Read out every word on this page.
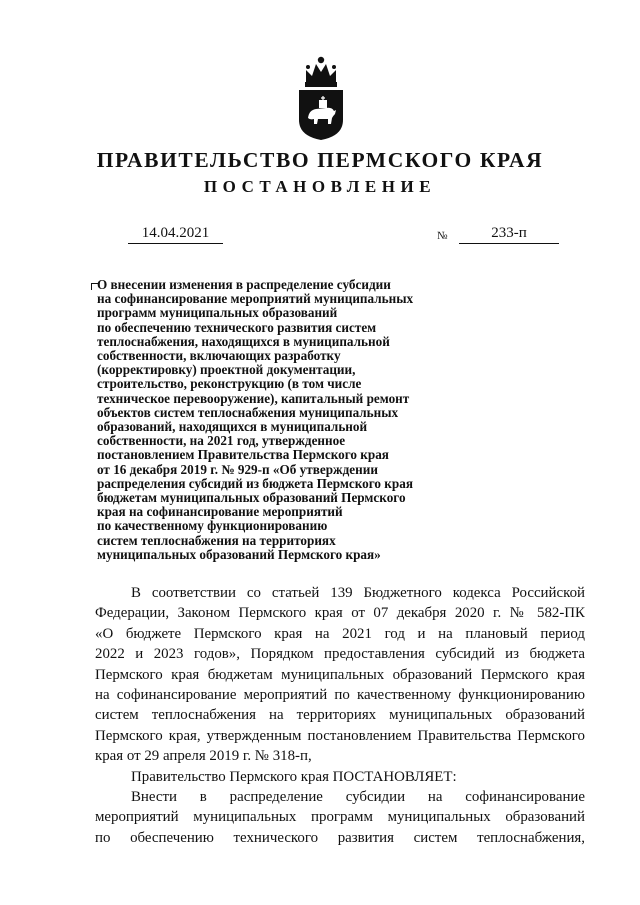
ПРАВИТЕЛЬСТВО ПЕРМСКОГО КРАЯ
ПОСТАНОВЛЕНИЕ
14.04.2021	№	233-п
О внесении изменения в распределение субсидии
на софинансирование мероприятий муниципальных
программ муниципальных образований
по обеспечению технического развития систем
теплоснабжения, находящихся в муниципальной
собственности, включающих разработку
(корректировку) проектной документации,
строительство, реконструкцию (в том числе
техническое перевооружение), капитальный ремонт
объектов систем теплоснабжения муниципальных
образований, находящихся в муниципальной
собственности, на 2021 год, утвержденное
постановлением Правительства Пермского края
от 16 декабря 2019 г. № 929-п «Об утверждении
распределения субсидий из бюджета Пермского края
бюджетам муниципальных образований Пермского
края на софинансирование мероприятий
по качественному функционированию
систем теплоснабжения на территориях
муниципальных образований Пермского края»
В соответствии со статьей 139 Бюджетного кодекса Российской
Федерации, Законом Пермского края от 07 декабря 2020 г. № 582-ПК
«О бюджете Пермского края на 2021 год и на плановый период
2022 и 2023 годов», Порядком предоставления субсидий из бюджета
Пермского края бюджетам муниципальных образований Пермского края
на софинансирование мероприятий по качественному функционированию
систем теплоснабжения на территориях муниципальных образований
Пермского края, утвержденным постановлением Правительства Пермского
края от 29 апреля 2019 г. № 318-п,
Правительство Пермского края ПОСТАНОВЛЯЕТ:
Внести в распределение субсидии на софинансирование
мероприятий муниципальных программ муниципальных образований
по обеспечению технического развития систем теплоснабжения,
